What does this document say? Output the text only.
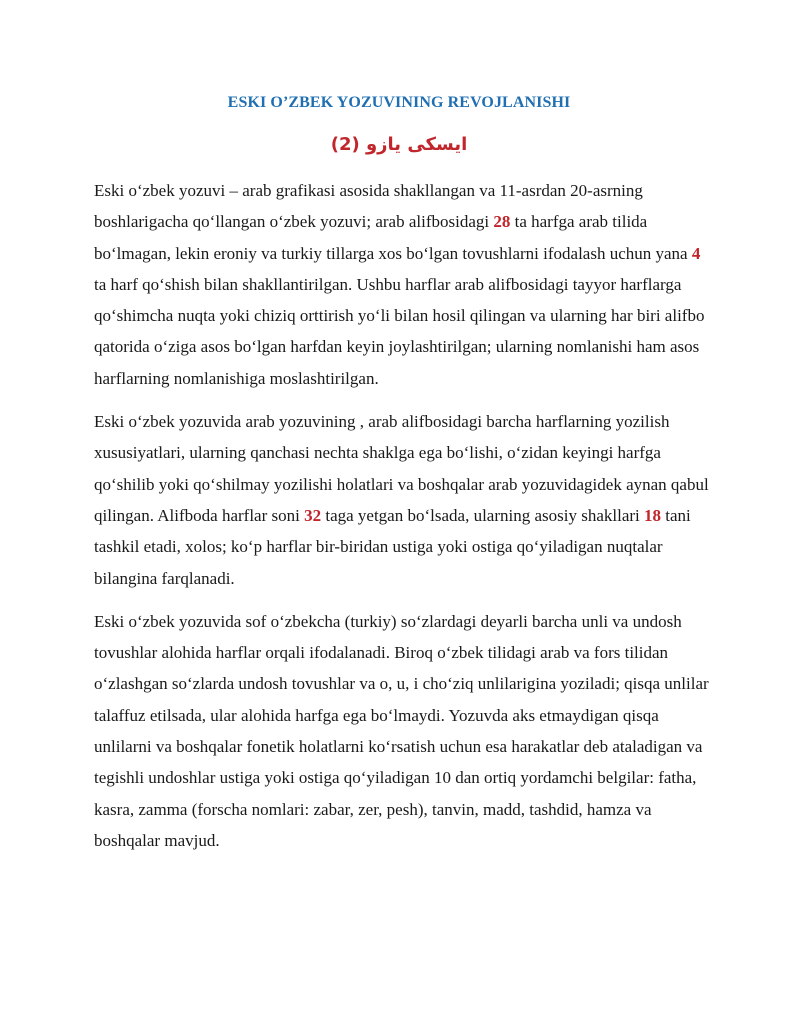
ESKI O’ZBEK YOZUVINING REVOJLANISHI
ایسکی یازو (2)

Eski o‘zbek yozuvi – arab grafikasi asosida shakllangan va 11-asrdan 20-asrning boshlarigacha qo‘llangan o‘zbek yozuvi; arab alifbosidagi 28 ta harfga arab tilida bo‘lmagan, lekin eroniy va turkiy tillarga xos bo‘lgan tovushlarni ifodalash uchun yana 4 ta harf qo‘shish bilan shakllantirilgan. Ushbu harflar arab alifbosidagi tayyor harflarga qo‘shimcha nuqta yoki chiziq orttirish yo‘li bilan hosil qilingan va ularning har biri alifbo qatorida o‘ziga asos bo‘lgan harfdan keyin joylashtirilgan; ularning nomlanishi ham asos harflarning nomlanishiga moslashtirilgan.

Eski o‘zbek yozuvida arab yozuvining , arab alifbosidagi barcha harflarning yozilish xususiyatlari, ularning qanchasi nechta shaklga ega bo‘lishi, o‘zidan keyingi harfga qo‘shilib yoki qo‘shilmay yozilishi holatlari va boshqalar arab yozuvidagidek aynan qabul qilingan. Alifboda harflar soni 32 taga yetgan bo‘lsada, ularning asosiy shakllari 18 tani tashkil etadi, xolos; ko‘p harflar bir-biridan ustiga yoki ostiga qo‘yiladigan nuqtalar bilangina farqlanadi.

Eski o‘zbek yozuvida sof o‘zbekcha (turkiy) so‘zlardagi deyarli barcha unli va undosh tovushlar alohida harflar orqali ifodalanadi. Biroq o‘zbek tilidagi arab va fors tilidan o‘zlashgan so‘zlarda undosh tovushlar va o, u, i cho‘ziq unlilarigina yoziladi; qisqa unlilar talaffuz etilsada, ular alohida harfga ega bo‘lmaydi. Yozuvda aks etmaydigan qisqa unlilarni va boshqalar fonetik holatlarni ko‘rsatish uchun esa harakatlar deb ataladigan va tegishli undoshlar ustiga yoki ostiga qo‘yiladigan 10 dan ortiq yordamchi belgilar: fatha, kasra, zamma (forscha nomlari: zabar, zer, pesh), tanvin, madd, tashdid, hamza va boshqalar mavjud.
